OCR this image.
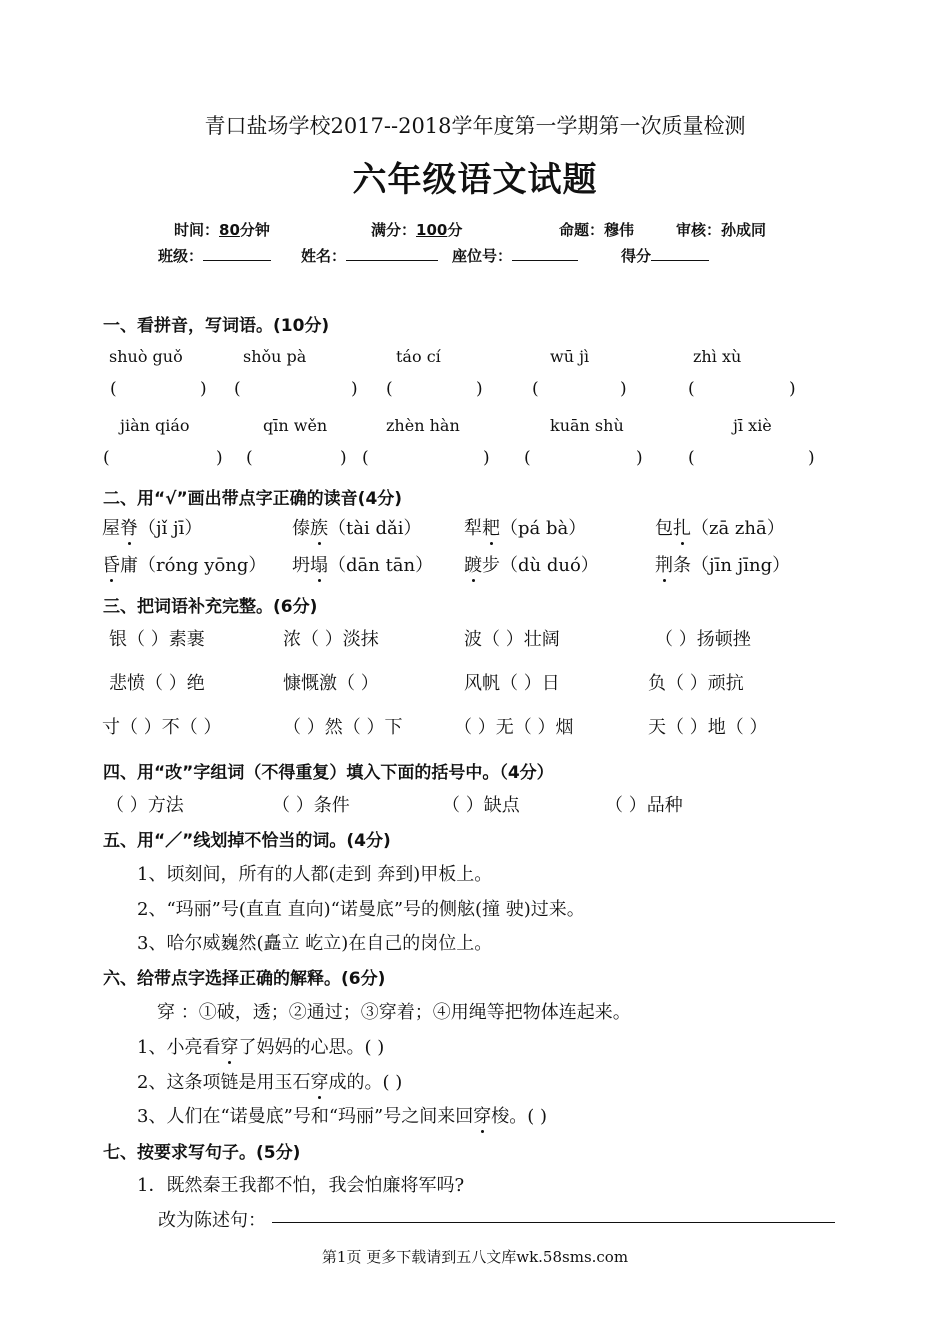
青口盐场学校2017--2018学年度第一学期第一次质量检测
六年级语文试题
时间：80分钟	满分：100分	命题：穆伟	审核：孙成同
班级：	姓名：	座位号：	得分
一、看拼音，写词语。(10分)
shuò guǒ	shǒu pà	táo cí	wū jì	zhì xù
(	) (	) (	)	(	)	(	)
jiàn qiáo	qīn wěn	zhèn hàn	kuān shù	jī xiè
(	) (	) (	) (	)	(	)
二、用“√”画出带点字正确的读音(4分)
屋脊（jǐ jī）	傣族（tài dǎi） 犁耙（pá bà）	包扎（zā zhā）
昏庸（róng yōng） 坍塌（dān tān） 踱步（dù duó）	荆条（jīn jīng）
三、把词语补充完整。(6分)
银（ ）素裹	浓（ ）淡抹	波（ ）壮阔	（ ）扬顿挫
悲愤（ ）绝	慷慨激（ ）	风帆（ ）日	负（ ）顽抗
寸（ ）不（ ）	（ ）然（ ）下	（ ）无（ ）烟	天（ ）地（ ）
四、用“改”字组词（不得重复）填入下面的括号中。（4分）
（ ）方法	（ ）条件	（ ）缺点	（ ）品种
五、用“／”线划掉不恰当的词。(4分)
1、顷刻间，所有的人都(走到 奔到)甲板上。
2、“玛丽”号(直直 直向)“诺曼底”号的侧舷(撞 驶)过来。
3、哈尔威巍然(矗立 屹立)在自己的岗位上。
六、给带点字选择正确的解释。(6分)
穿 ：①破，透；②通过；③穿着；④用绳等把物体连起来。
1、小亮看穿了妈妈的心思。( )
2、这条项链是用玉石穿成的。( )
3、人们在“诺曼底”号和“玛丽”号之间来回穿梭。( )
七、按要求写句子。(5分)
1．既然秦王我都不怕，我会怕廉将军吗?
改为陈述句：
第1页 更多下载请到五八文库wk.58sms.com
